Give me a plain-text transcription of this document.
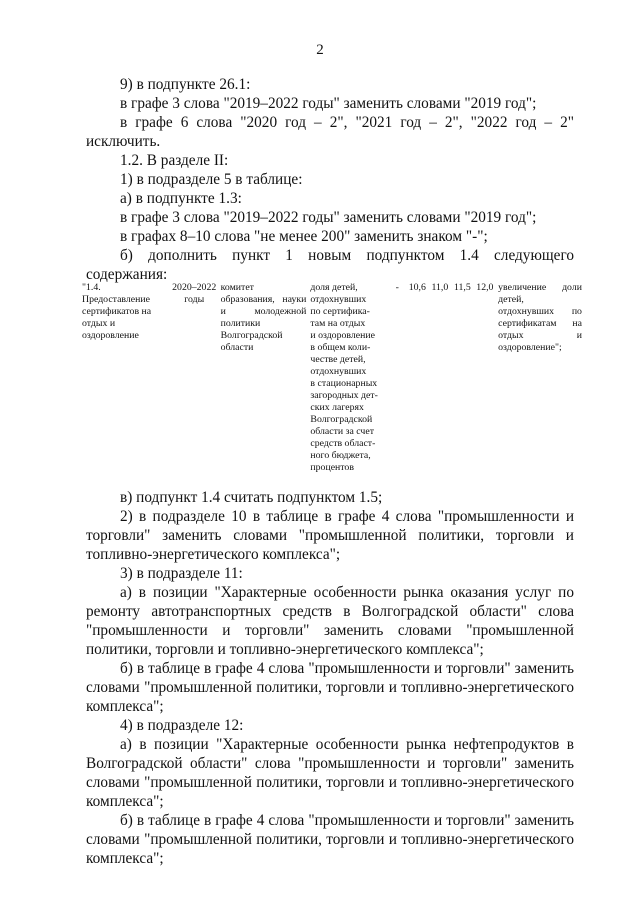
2

9) в подпункте 26.1:

в графе 3 слова "2019–2022 годы" заменить словами "2019 год";

в графе 6 слова "2020 год – 2", "2021 год – 2", "2022 год – 2" исключить.

1.2. В разделе II:

1) в подразделе 5 в таблице:

а) в подпункте 1.3:

в графе 3 слова "2019–2022 годы" заменить словами "2019 год";

в графах 8–10 слова "не менее 200" заменить знаком "-";

б) дополнить пункт 1 новым подпунктом 1.4 следующего содержания:

"1.4. Предоставление сертификатов на отдых и оздоровление
2020–2022 годы
комитет образования, науки и молодежной политики Волгоградской области
доля детей,
отдохнувших
по сертифика-
там на отдых
и оздоровление
в общем коли-
честве детей,
отдохнувших
в стационарных
загородных дет-
ских лагерях
Волгоградской
области за счет
средств област-
ного бюджета,
процентов
-	10,6 11,0 11,5 12,0 увеличение доли детей, отдохнувших по сертификатам на отдых и оздоровление";

в) подпункт 1.4 считать подпунктом 1.5;

2) в подразделе 10 в таблице в графе 4 слова "промышленности и торговли" заменить словами "промышленной политики, торговли и топливно-энергетического комплекса";

3) в подразделе 11:

а) в позиции "Характерные особенности рынка оказания услуг по ремонту автотранспортных средств в Волгоградской области" слова "промышленности и торговли" заменить словами "промышленной политики, торговли и топливно-энергетического комплекса";

б) в таблице в графе 4 слова "промышленности и торговли" заменить словами "промышленной политики, торговли и топливно-энергетического комплекса";

4) в подразделе 12:

а) в позиции "Характерные особенности рынка нефтепродуктов в Волгоградской области" слова "промышленности и торговли" заменить словами "промышленной политики, торговли и топливно-энергетического комплекса";

б) в таблице в графе 4 слова "промышленности и торговли" заменить словами "промышленной политики, торговли и топливно-энергетического комплекса";
